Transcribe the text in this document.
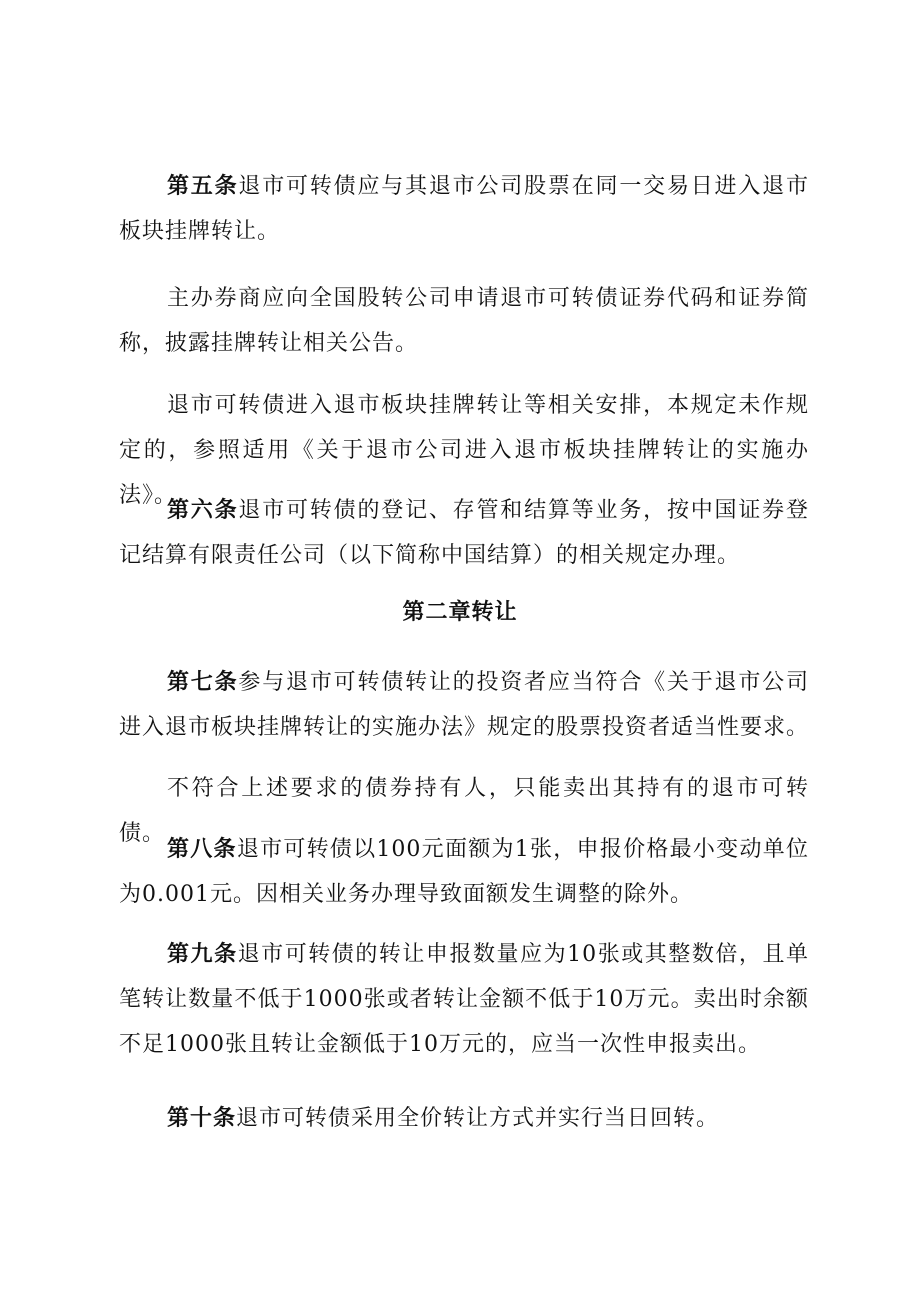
第五条退市可转债应与其退市公司股票在同一交易日进入退市板块挂牌转让。

主办券商应向全国股转公司申请退市可转债证券代码和证券简称，披露挂牌转让相关公告。

退市可转债进入退市板块挂牌转让等相关安排，本规定未作规定的，参照适用《关于退市公司进入退市板块挂牌转让的实施办法》。

第六条退市可转债的登记、存管和结算等业务，按中国证券登记结算有限责任公司（以下简称中国结算）的相关规定办理。

第二章转让

第七条参与退市可转债转让的投资者应当符合《关于退市公司进入退市板块挂牌转让的实施办法》规定的股票投资者适当性要求。

不符合上述要求的债券持有人，只能卖出其持有的退市可转债。

第八条退市可转债以100元面额为1张，申报价格最小变动单位为0.001元。因相关业务办理导致面额发生调整的除外。

第九条退市可转债的转让申报数量应为10张或其整数倍，且单笔转让数量不低于1000张或者转让金额不低于10万元。卖出时余额不足1000张且转让金额低于10万元的，应当一次性申报卖出。

第十条退市可转债采用全价转让方式并实行当日回转。
